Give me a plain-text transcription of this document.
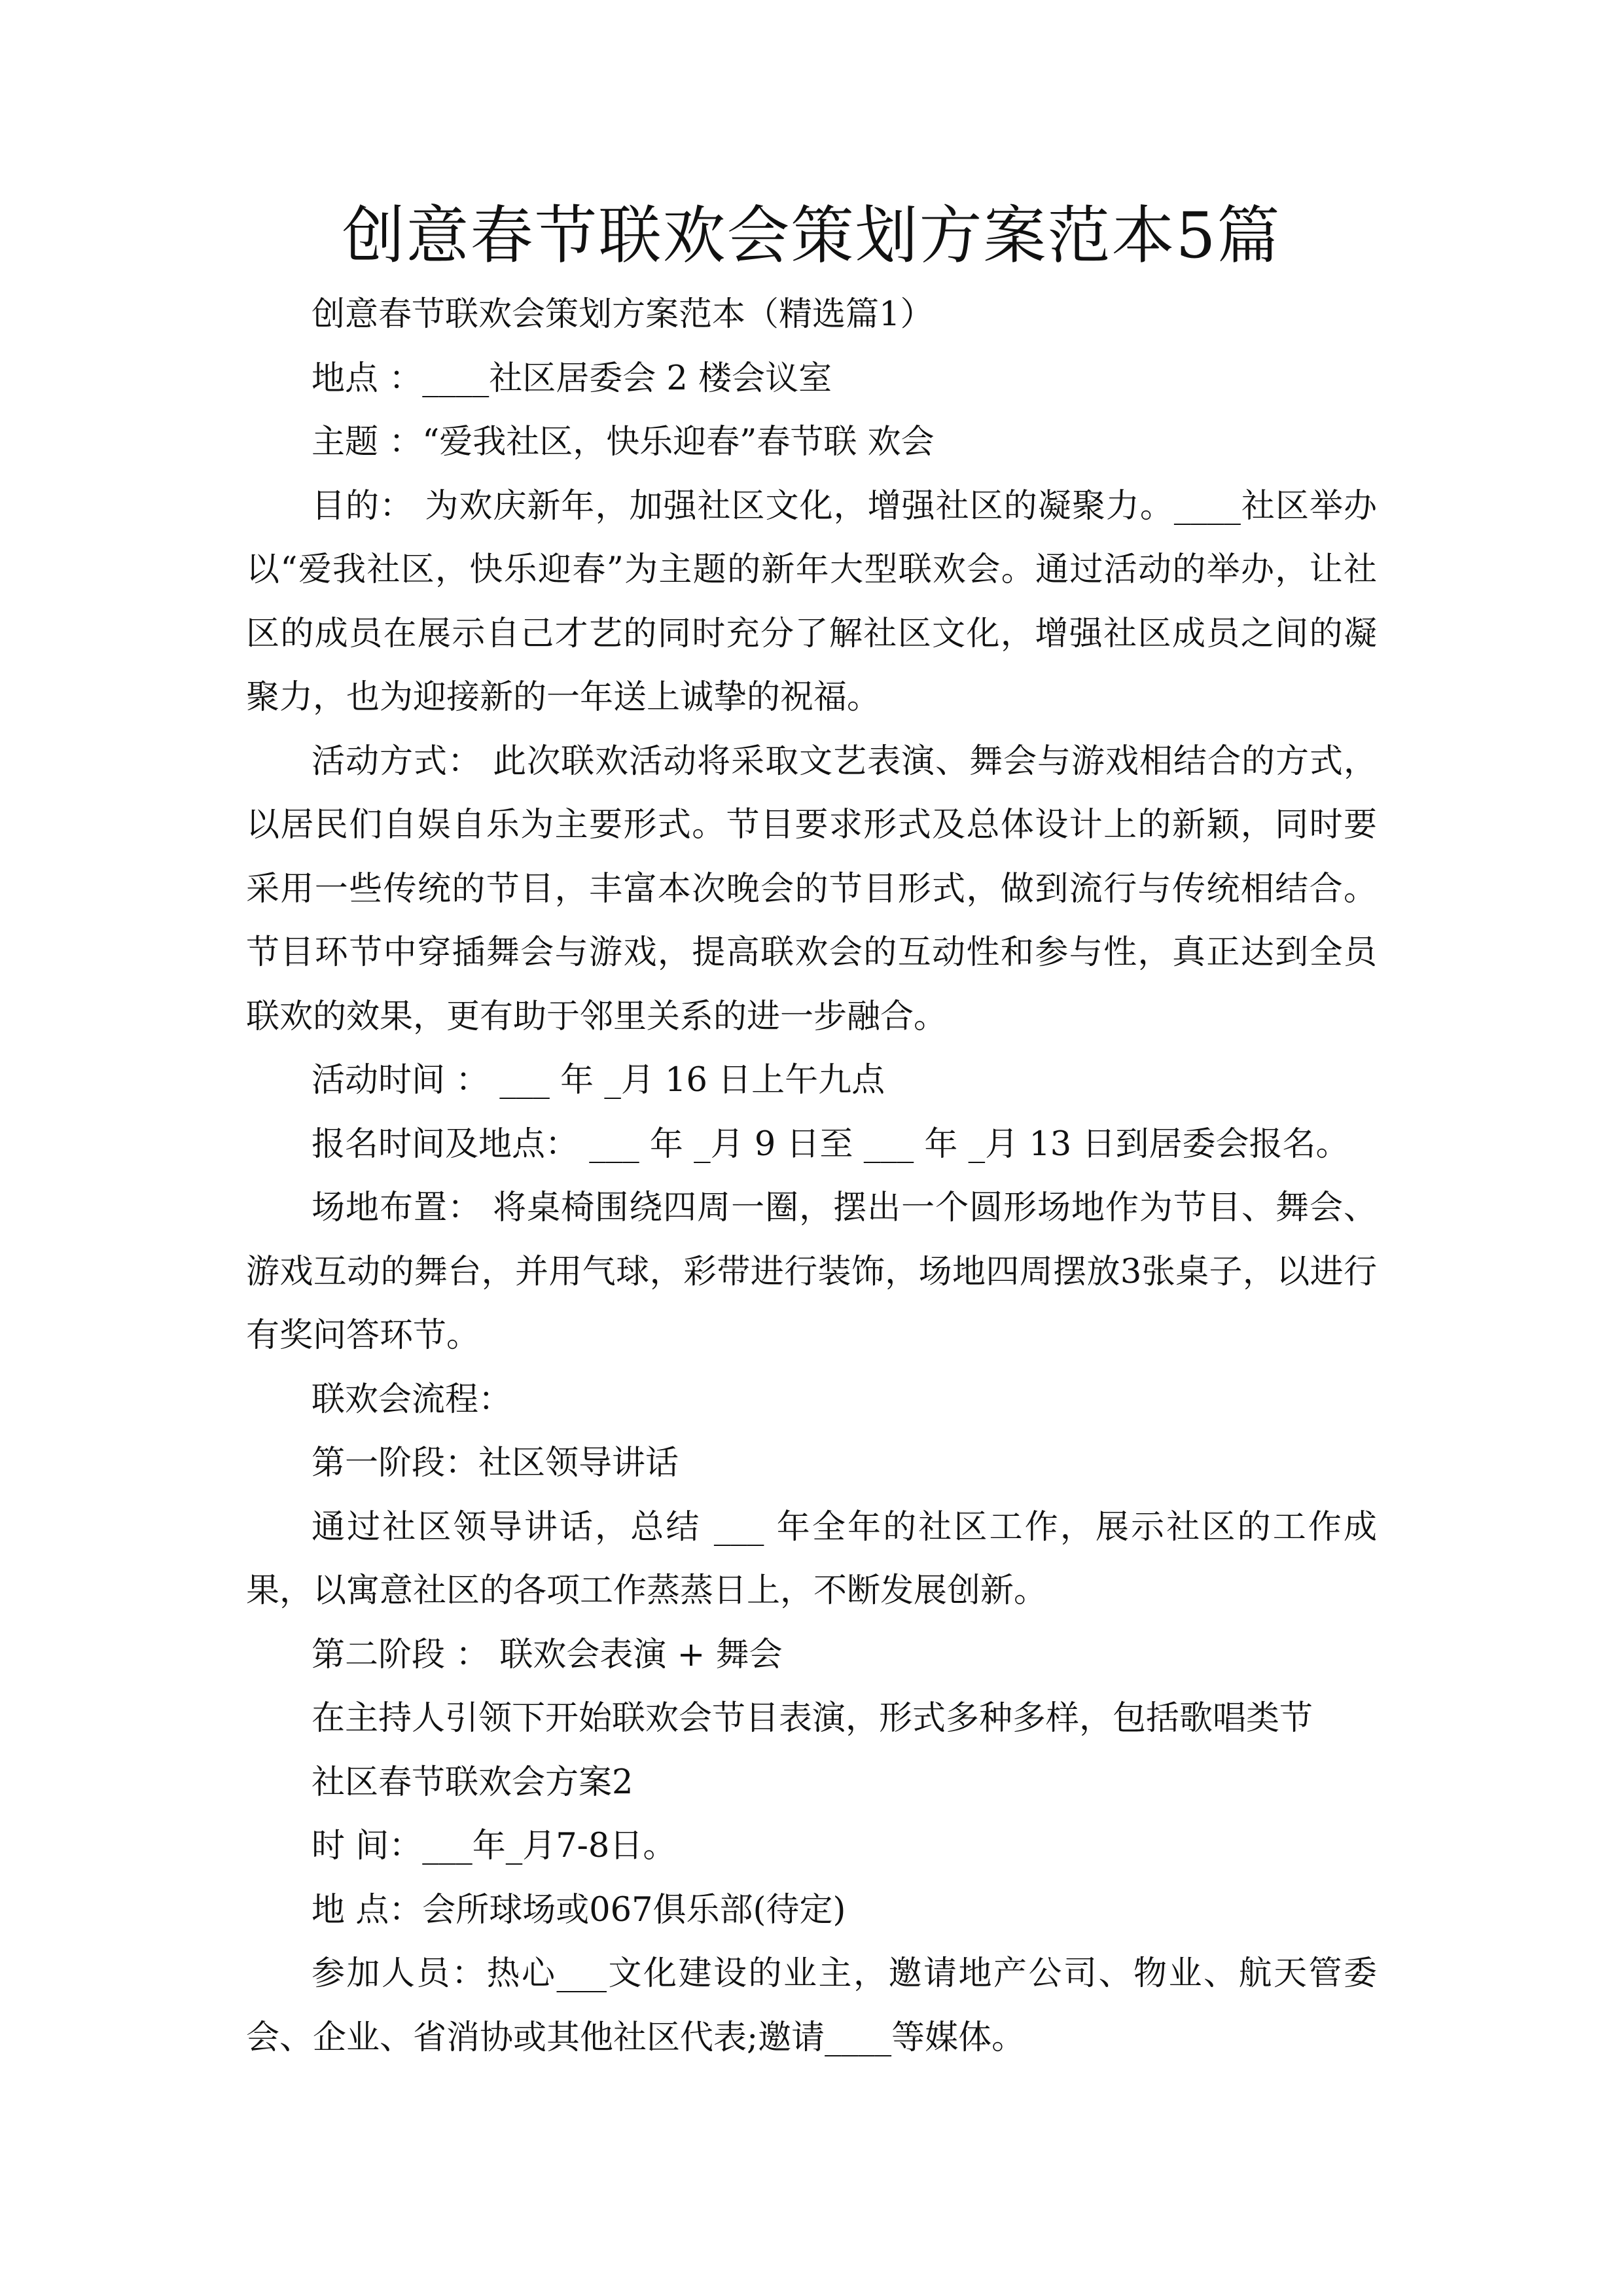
创意春节联欢会策划方案范本5篇

创意春节联欢会策划方案范本（精选篇1）

地点 ：____社区居委会 2 楼会议室

主题 ：“爱我社区，快乐迎春”春节联 欢会

目的： 为欢庆新年，加强社区文化，增强社区的凝聚力。____社区举办以“爱我社区，快乐迎春”为主题的新年大型联欢会。通过活动的举办，让社区的成员在展示自己才艺的同时充分了解社区文化，增强社区成员之间的凝聚力，也为迎接新的一年送上诚挚的祝福。

活动方式： 此次联欢活动将采取文艺表演、舞会与游戏相结合的方式，以居民们自娱自乐为主要形式。节目要求形式及总体设计上的新颖，同时要采用一些传统的节目，丰富本次晚会的节目形式，做到流行与传统相结合。节目环节中穿插舞会与游戏，提高联欢会的互动性和参与性，真正达到全员联欢的效果，更有助于邻里关系的进一步融合。

活动时间 ： ___ 年 _月 16 日上午九点

报名时间及地点： ___ 年 _月 9 日至 ___ 年 _月 13 日到居委会报名。

场地布置： 将桌椅围绕四周一圈，摆出一个圆形场地作为节目、舞会、游戏互动的舞台，并用气球，彩带进行装饰，场地四周摆放3张桌子，以进行有奖问答环节。

联欢会流程：

第一阶段：社区领导讲话

通过社区领导讲话，总结 ___ 年全年的社区工作，展示社区的工作成果，以寓意社区的各项工作蒸蒸日上，不断发展创新。

第二阶段 ： 联欢会表演 + 舞会

在主持人引领下开始联欢会节目表演，形式多种多样，包括歌唱类节

社区春节联欢会方案2

时 间：___年_月7-8日。

地 点：会所球场或067俱乐部(待定)

参加人员：热心___文化建设的业主，邀请地产公司、物业、航天管委会、企业、省消协或其他社区代表;邀请____等媒体。
